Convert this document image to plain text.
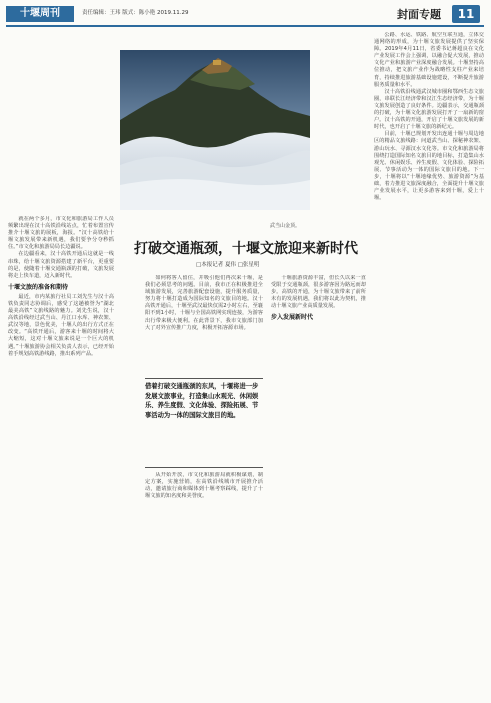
十堰周刊	责任编辑：王玮 版式：陈小艳 2019.11.29	封面专题	11
武当山金顶。
打破交通瓶颈，十堰文旅迎来新时代
□本报记者 夏伟 □张星明

就在两个多月，市文化和旅游局工作人员频繁出现在汉十高铁沿线站点，忙着布置宣传推介十堰文旅的展板，海报。“汉十高铁给十堰文旅发展带来新机遇，我们要争分夺秒抓住。”市文化和旅游局局长边疆说。

在边疆看来，汉十高铁开通后这就是一线串珠，给十堰文旅资源搭建了新平台，更重要的是，使随着十堰交通瓶颈的打破，文旅发展将走上快车道，迈入新时代。

十堰文旅的准备和期待

最近，市内某旅行社员工刘先生与汉十高铁负责同志协调后，感受了这趟被誉为“湖北最美高铁”文旅线路的魅力。刘先生说，汉十高铁沿线经过武当山、丹江口水库、神农架、武汉等地，景色优美，十堰人的出行方式正在改变。“高铁开通后，游客来十堰的时间将大大缩短，这对十堰文旅来说是一个巨大的机遇。”十堰旅游协会相关负责人表示，已经开始着手规划高铁游线路，推出系列产品。

如何将客人留住，并吸引他们再次来十堰，是我们必须思考的问题。目前，我市正在积极推进全域旅游发展，完善旅游配套设施，提升服务质量，努力将十堰打造成为国际知名的文旅目的地。汉十高铁开通后，十堰至武汉最快仅需2小时左右，至襄阳不到1小时，十堰与全国高铁网实现连接，为游客出行带来极大便利。在此背景下，我市文旅部门加大了对外宣传推广力度，积极开拓客源市场。

借着打破交通瓶颈的东风，十堰将进一步发展文旅事业，打造集山水观光、休闲娱乐、养生度假、文化体验、探险拓展、节事活动为一体的国际文旅目的地。

从开始开放，市文化和旅游局就积极谋划，制定方案，实施营销，在高铁沿线城市开展推介活动，邀请旅行商和媒体到十堰考察踩线，提升了十堰文旅的知名度和美誉度。

十堰旅游资源丰富，但长久以来一直受限于交通瓶颈，很多游客因为路远而却步。高铁的开通，为十堰文旅带来了前所未有的发展机遇，我们将以此为契机，推动十堰文旅产业高质量发展。

步入发展新时代

公路、水运、铁路、航空互联互通，立体交通网络的形成，为十堰文旅发展提供了坚实保障。2019年4月11日，省委书记蒋超良在文化产业发展工作会上强调，以融合促大发展，推动文化产业和旅游产业深度融合发展。十堰坚持高位推动，把文旅产业作为战略性支柱产业来培育，持续推进旅游基础设施建设，不断提升旅游服务质量和水平。

汉十高铁沿线通武汉城市圈和鄂西生态文旅圈，串联长江经济带和汉江生态经济带，为十堰文旅发展创造了良好条件。边疆表示，交通瓶颈的打破，为十堰文化旅游发展打开了一扇新的窗户。汉十高铁的开通，开启了十堰文旅发展的新时代，也开启了十堰文旅的新纪元。

目前，十堰已规划开发出连通十堰与周边地区的精品文旅线路：问道武当山、探秘神农架、游山玩水、寻源汉水文化等。市文化和旅游局将围绕打造国际知名文旅目的地目标，打造集山水观光、休闲娱乐、养生度假、文化体验、探险拓展、节事活动为一体的国际文旅目的地。下一步，十堰将以“十堰地缘优势、旅游资源”为基础，着力推进文旅深度融合，全面提升十堰文旅产业发展水平，让更多游客来到十堰，爱上十堰。
